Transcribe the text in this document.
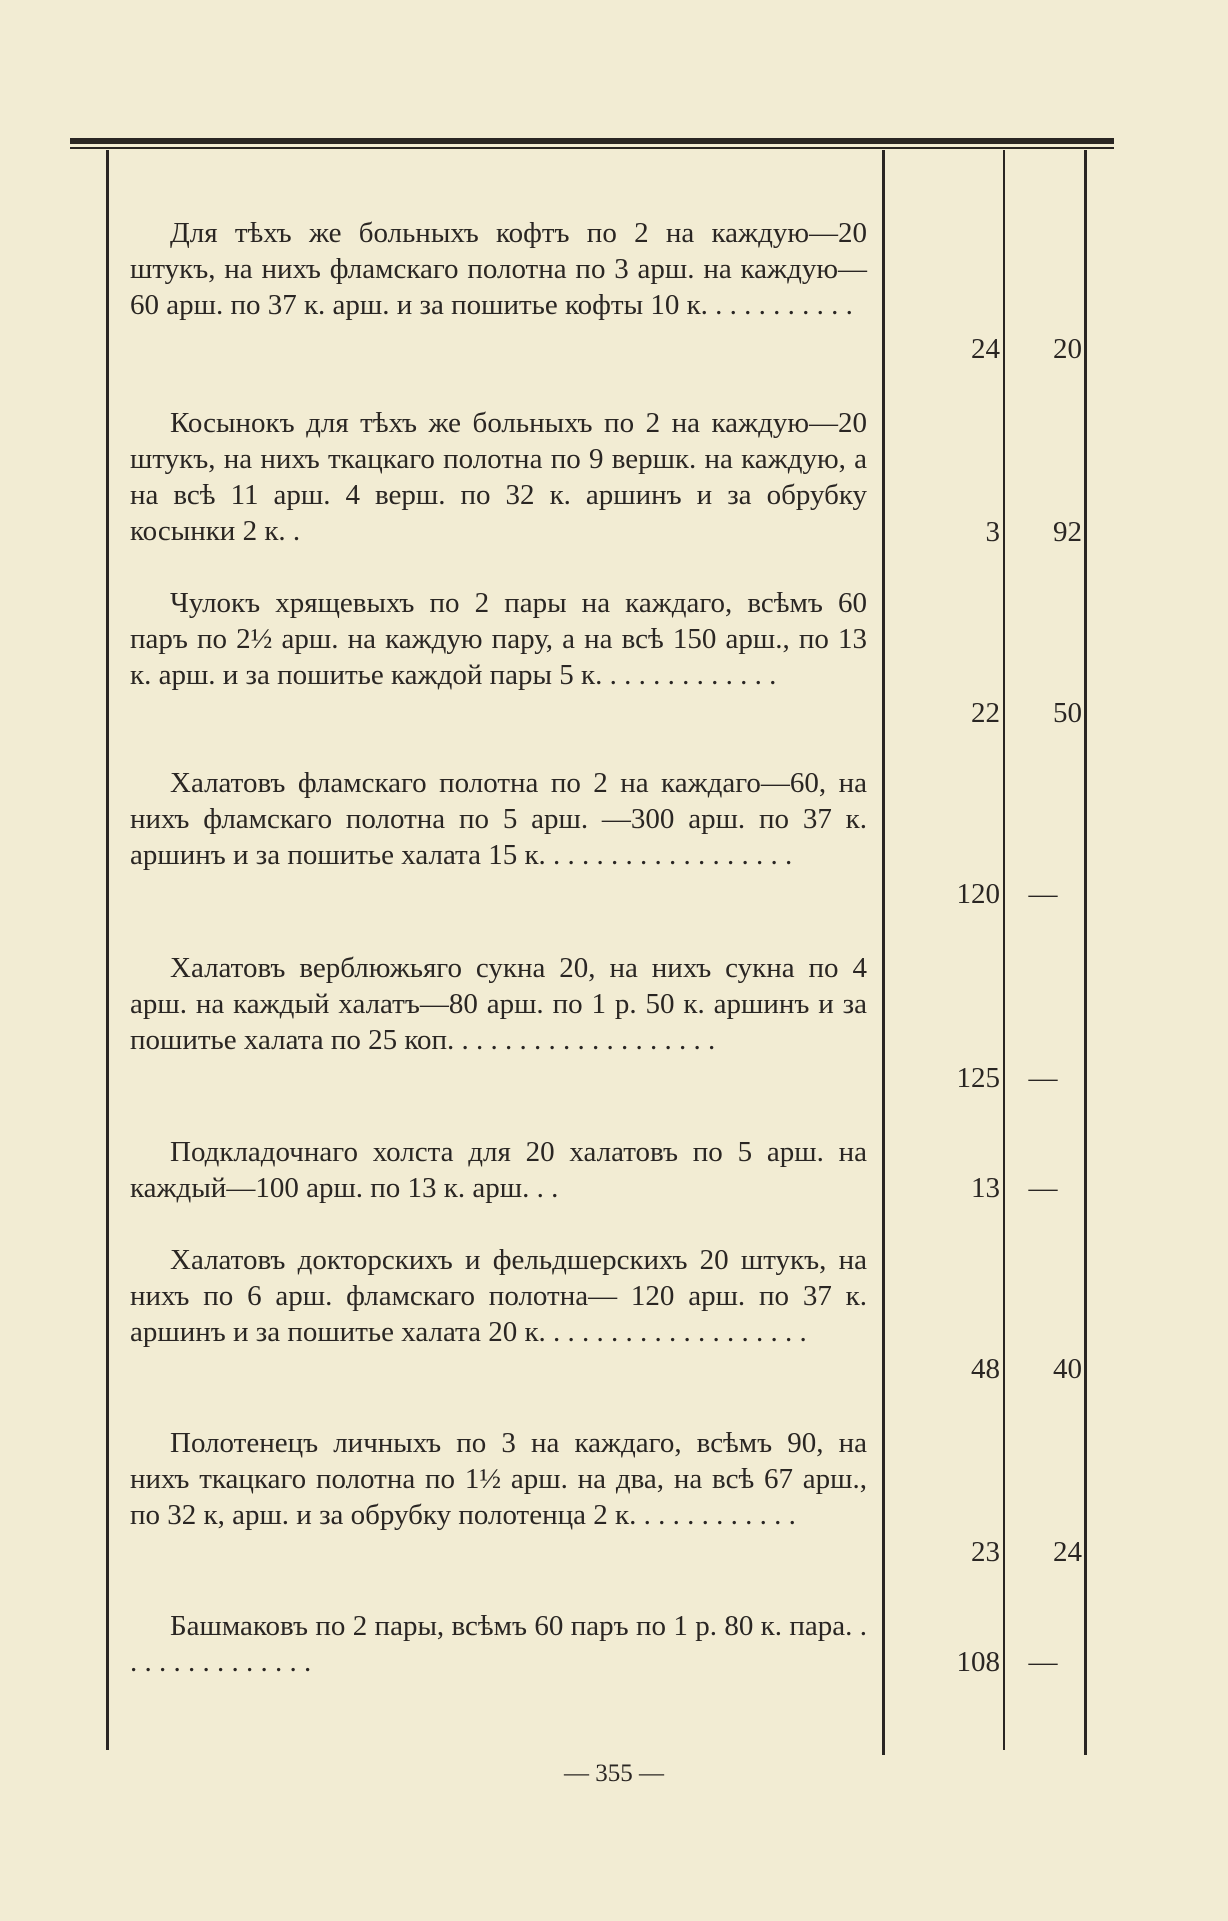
Для тѣхъ же больныхъ кофтъ по 2 на каждую—20 штукъ, на нихъ фламскаго полотна по 3 арш. на каждую—60 арш. по 37 к. арш. и за пошитье кофты 10 к. . . . . . . . . . .

24	20

Косынокъ для тѣхъ же больныхъ по 2 на каждую—20 штукъ, на нихъ ткацкаго полотна по 9 вершк. на каждую, а на всѣ 11 арш. 4 верш. по 32 к. аршинъ и за обрубку косынки 2 к. .	3	92

Чулокъ хрящевыхъ по 2 пары на каждаго, всѣмъ 60 паръ по 2½ арш. на каждую пару, а на всѣ 150 арш., по 13 к. арш. и за пошитье каждой пары 5 к. . . . . . . . . . . . .

22	50

Халатовъ фламскаго полотна по 2 на каждаго—60, на нихъ фламскаго полотна по 5 арш. —300 арш. по 37 к. аршинъ и за пошитье халата 15 к. . . . . . . . . . . . . . . . . .

120 —

Халатовъ верблюжьяго сукна 20, на нихъ сукна по 4 арш. на каждый халатъ—80 арш. по 1 р. 50 к. аршинъ и за пошитье халата по 25 коп. . . . . . . . . . . . . . . . . . .

125 —

Подкладочнаго холста для 20 халатовъ по 5 арш. на каждый—100 арш. по 13 к. арш. . .	13 —

Халатовъ докторскихъ и фельдшерскихъ 20 штукъ, на нихъ по 6 арш. фламскаго полотна— 120 арш. по 37 к. аршинъ и за пошитье халата 20 к. . . . . . . . . . . . . . . . . . .

48	40

Полотенецъ личныхъ по 3 на каждаго, всѣмъ 90, на нихъ ткацкаго полотна по 1½ арш. на два, на всѣ 67 арш., по 32 к, арш. и за обрубку полотенца 2 к. . . . . . . . . . . .

23	24

Башмаковъ по 2 пары, всѣмъ 60 паръ по 1 р. 80 к. пара. . . . . . . . . . . . . . .	108 —
— 355 —
